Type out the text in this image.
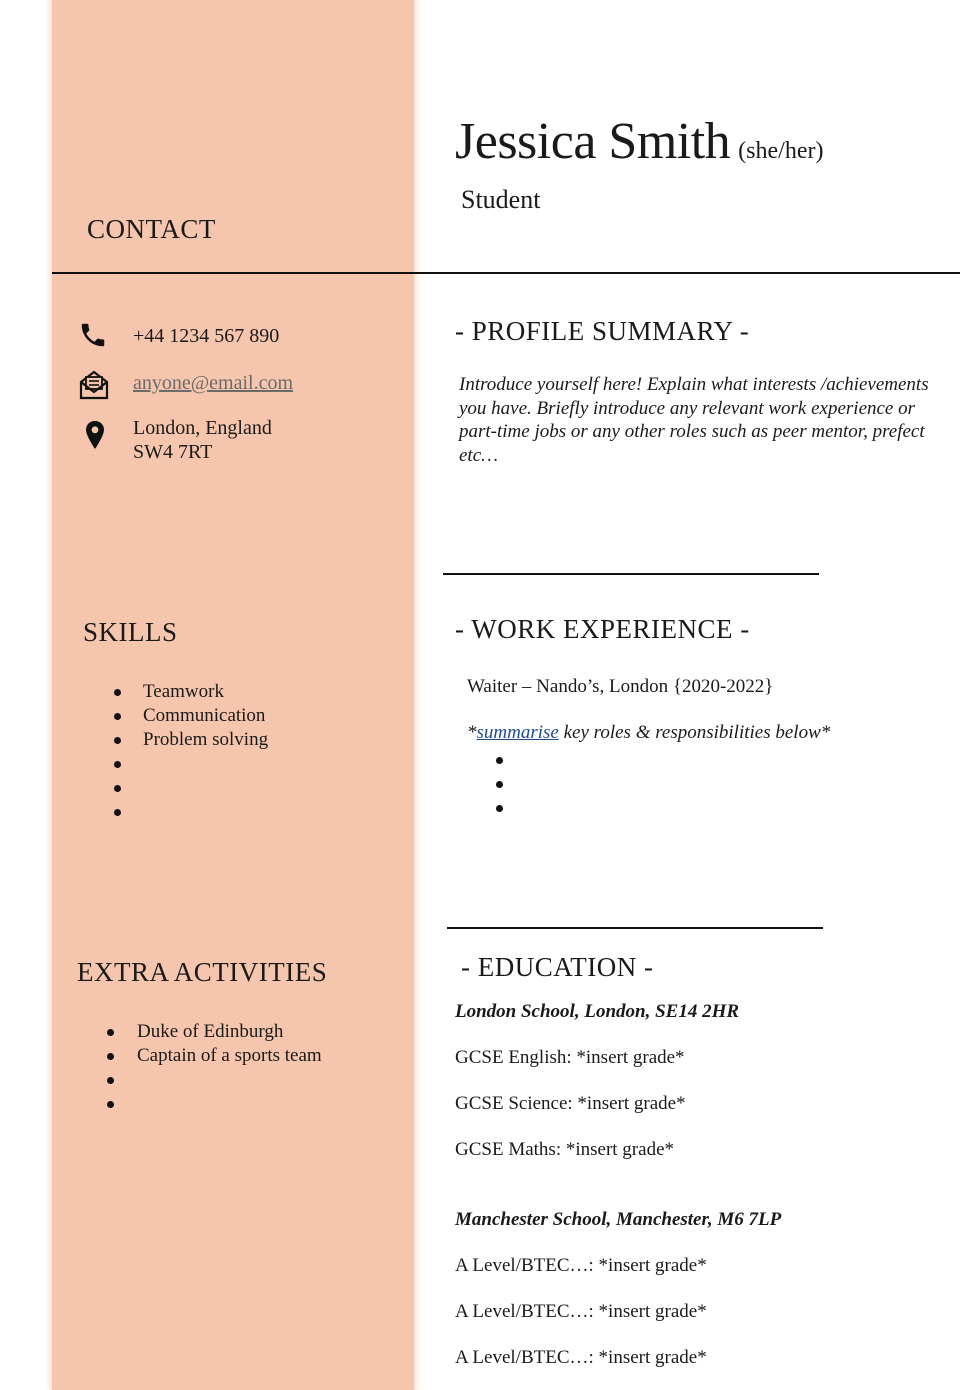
Jessica Smith (she/her)
Student
CONTACT
+44 1234 567 890
anyone@email.com
London, England
SW4 7RT
SKILLS
Teamwork
Communication
Problem solving
EXTRA ACTIVITIES
Duke of Edinburgh
Captain of a sports team
- PROFILE SUMMARY -
Introduce yourself here! Explain what interests /achievements you have. Briefly introduce any relevant work experience or part-time jobs or any other roles such as peer mentor, prefect etc…
- WORK EXPERIENCE -
Waiter – Nando’s, London {2020-2022}
*summarise key roles & responsibilities below*
- EDUCATION -
London School, London, SE14 2HR
GCSE English: *insert grade*
GCSE Science: *insert grade*
GCSE Maths: *insert grade*
Manchester School, Manchester, M6 7LP
A Level/BTEC…: *insert grade*
A Level/BTEC…: *insert grade*
A Level/BTEC…: *insert grade*
